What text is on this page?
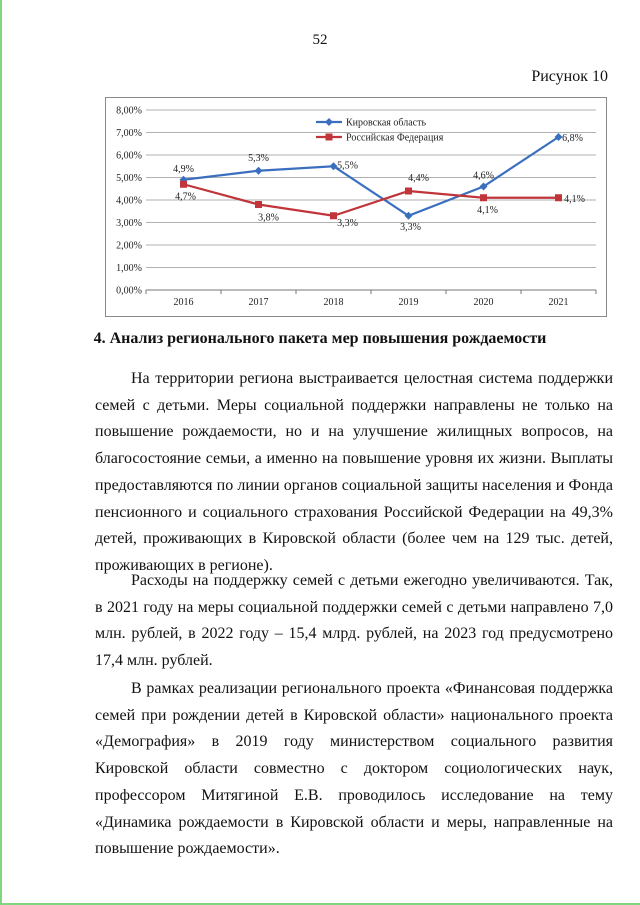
52
Рисунок 10
0,00%
1,00%
2,00%
3,00%
4,00%
5,00%
6,00%
7,00%
8,00%
2016	2017	2018	2019	2020	2021
4,9%
5,3%
5,5%
3,3%
4,6%
6,8%
4,7%
3,8%	3,3%
4,4%
4,1%
4,1%
Кировская область
Российская Федерация
4. Анализ регионального пакета мер повышения рождаемости

На территории региона выстраивается целостная система поддержки семей с детьми. Меры социальной поддержки направлены не только на повышение рождаемости, но и на улучшение жилищных вопросов, на благосостояние семьи, а именно на повышение уровня их жизни. Выплаты предоставляются по линии органов социальной защиты населения и Фонда пенсионного и социального страхования Российской Федерации на 49,3% детей, проживающих в Кировской области (более чем на 129 тыс. детей, проживающих в регионе).

Расходы на поддержку семей с детьми ежегодно увеличиваются. Так, в 2021 году на меры социальной поддержки семей с детьми направлено 7,0 млн. рублей, в 2022 году – 15,4 млрд. рублей, на 2023 год предусмотрено 17,4 млн. рублей.

В рамках реализации регионального проекта «Финансовая поддержка семей при рождении детей в Кировской области» национального проекта «Демография» в 2019 году министерством социального развития Кировской области совместно с доктором социологических наук, профессором Митягиной Е.В. проводилось исследование на тему «Динамика рождаемости в Кировской области и меры, направленные на повышение рождаемости».
